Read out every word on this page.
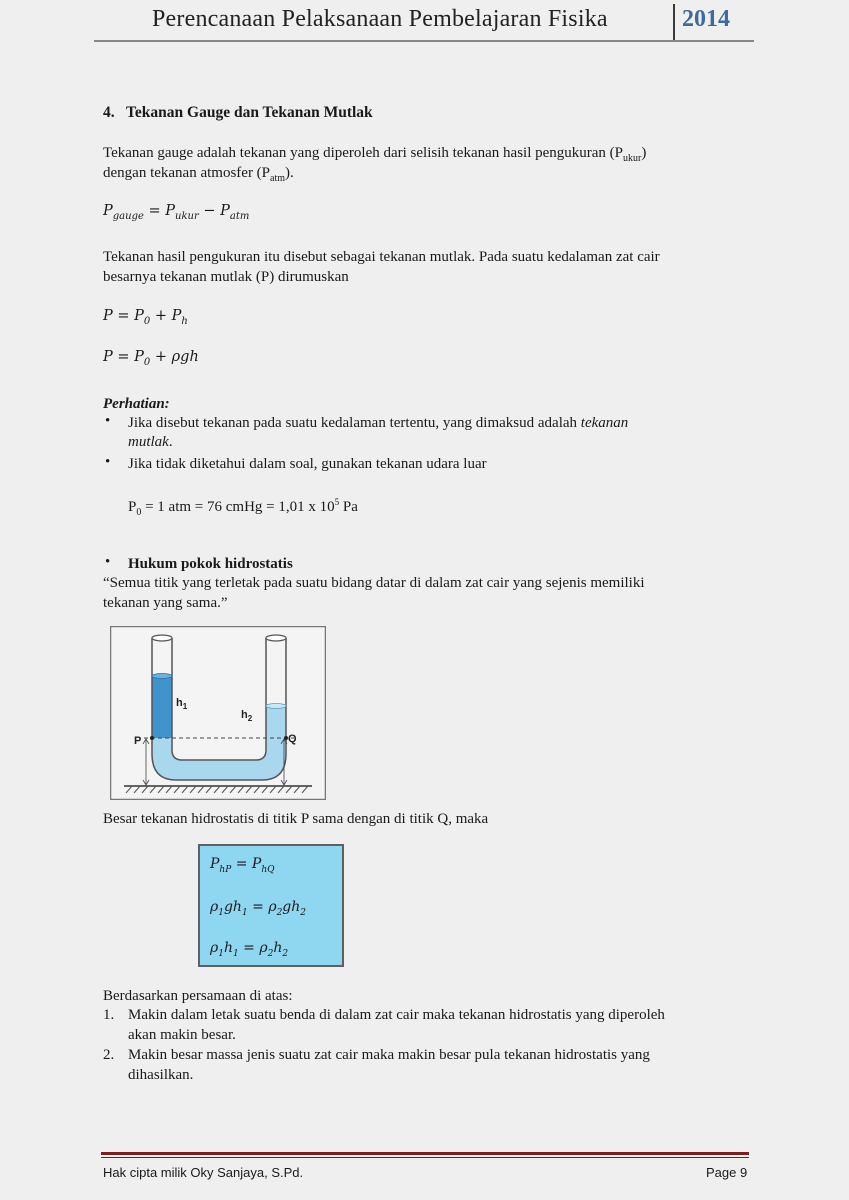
Perencanaan Pelaksanaan Pembelajaran Fisika	2014
4. Tekanan Gauge dan Tekanan Mutlak
Tekanan gauge adalah tekanan yang diperoleh dari selisih tekanan hasil pengukuran $(P_{ukur})$
dengan tekanan atmosfer $(P_{atm})$.
$P_{gauge} = P_{ukur} - P_{atm}$
Tekanan hasil pengukuran itu disebut sebagai tekanan mutlak. Pada suatu kedalaman zat cair
besarnya tekanan mutlak (P) dirumuskan
$P = P_0 + P_h$
$P = P_0 + \rho gh$
Perhatian:
• Jika disebut tekanan pada suatu kedalaman tertentu, yang dimaksud adalah tekanan
mutlak.
• Jika tidak diketahui dalam soal, gunakan tekanan udara luar
$P_0 = 1$ atm = 76 cmHg = 1,01 x $10^5$ Pa
• Hukum pokok hidrostatis
“Semua titik yang terletak pada suatu bidang datar di dalam zat cair yang sejenis memiliki
tekanan yang sama.”
$h_1$
$h_2$
P	Q
Besar tekanan hidrostatis di titik P sama dengan di titik Q, maka
$P_{hP} = P_{hQ}$
$\rho_1gh_1 = \rho_2gh_2$
$\rho_1h_1 = \rho_2h_2$
Berdasarkan persamaan di atas:
1. Makin dalam letak suatu benda di dalam zat cair maka tekanan hidrostatis yang diperoleh
akan makin besar.
2. Makin besar massa jenis suatu zat cair maka makin besar pula tekanan hidrostatis yang
dihasilkan.
Hak cipta milik Oky Sanjaya, S.Pd.	Page 9
